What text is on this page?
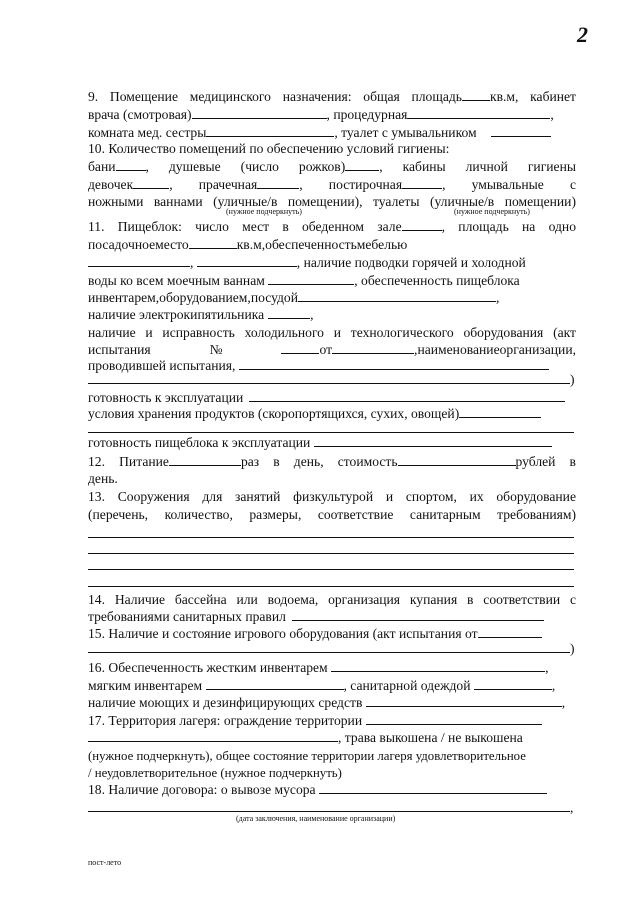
2
9. Помещение медицинского назначения: общая площадь кв.м, кабинет
врача (смотровая)	, процедурная	,
комната мед. сестры	, туалет с умывальником
10. Количество помещений по обеспечению условий гигиены:
бани , душевые (число рожков)	, кабины личной гигиены
девочек	, прачечная	, постирочная	, умывальные с
ножными ваннами (уличные/в помещении), туалеты (уличные/в помещении)
(нужное подчеркнуть)	(нужное подчеркнуть)
11. Пищеблок: число мест в обеденном зале	, площадь на одно
посадочноеместо	кв.м,обеспеченностьмебелью
,	, наличие подводки горячей и холодной
воды ко всем моечным ваннам	, обеспеченность пищеблока
инвентарем,оборудованием,посудой	,
наличие электрокипятильника	,
наличие и исправность холодильного и технологического оборудования (акт
испытания№	от	,наименованиеорганизации,
проводившей испытания,
)
готовность к эксплуатации
условия хранения продуктов (скоропортящихся, сухих, овощей)
готовность пищеблока к эксплуатации
12. Питание	раз в день, стоимость	рублей в
день.
13. Сооружения для занятий физкультурой и спортом, их оборудование
(перечень, количество, размеры, соответствие санитарным требованиям)
14. Наличие бассейна или водоема, организация купания в соответствии с
требованиями санитарных правил
15. Наличие и состояние игрового оборудования (акт испытания от
)
16. Обеспеченность жестким инвентарем	,
мягким инвентарем	, санитарной одеждой	,
наличие моющих и дезинфицирующих средств	,
17. Территория лагеря: ограждение территории
, трава выкошена / не выкошена
(нужное подчеркнуть), общее состояние территории лагеря удовлетворительное
/ неудовлетворительное (нужное подчеркнуть)
18. Наличие договора: о вывозе мусора
,
(дата заключения, наименование организации)
пост-лето
